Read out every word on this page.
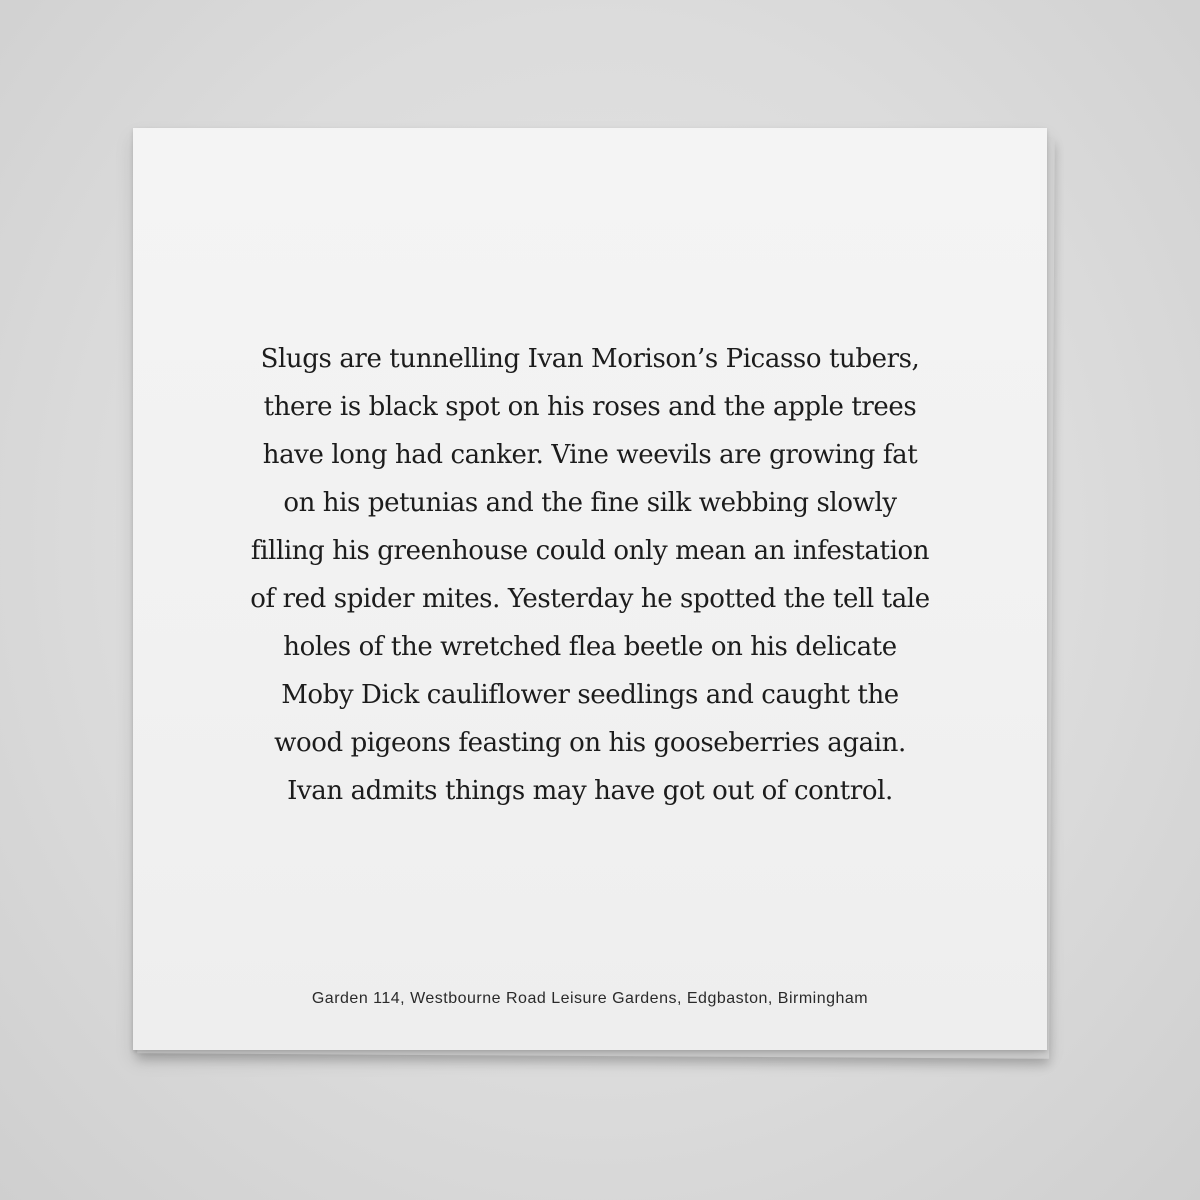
Slugs are tunnelling Ivan Morison’s Picasso tubers,
there is black spot on his roses and the apple trees
have long had canker. Vine weevils are growing fat
on his petunias and the fine silk webbing slowly
filling his greenhouse could only mean an infestation
of red spider mites. Yesterday he spotted the tell tale
holes of the wretched flea beetle on his delicate
Moby Dick cauliflower seedlings and caught the
wood pigeons feasting on his gooseberries again.
Ivan admits things may have got out of control.

Garden 114, Westbourne Road Leisure Gardens, Edgbaston, Birmingham
